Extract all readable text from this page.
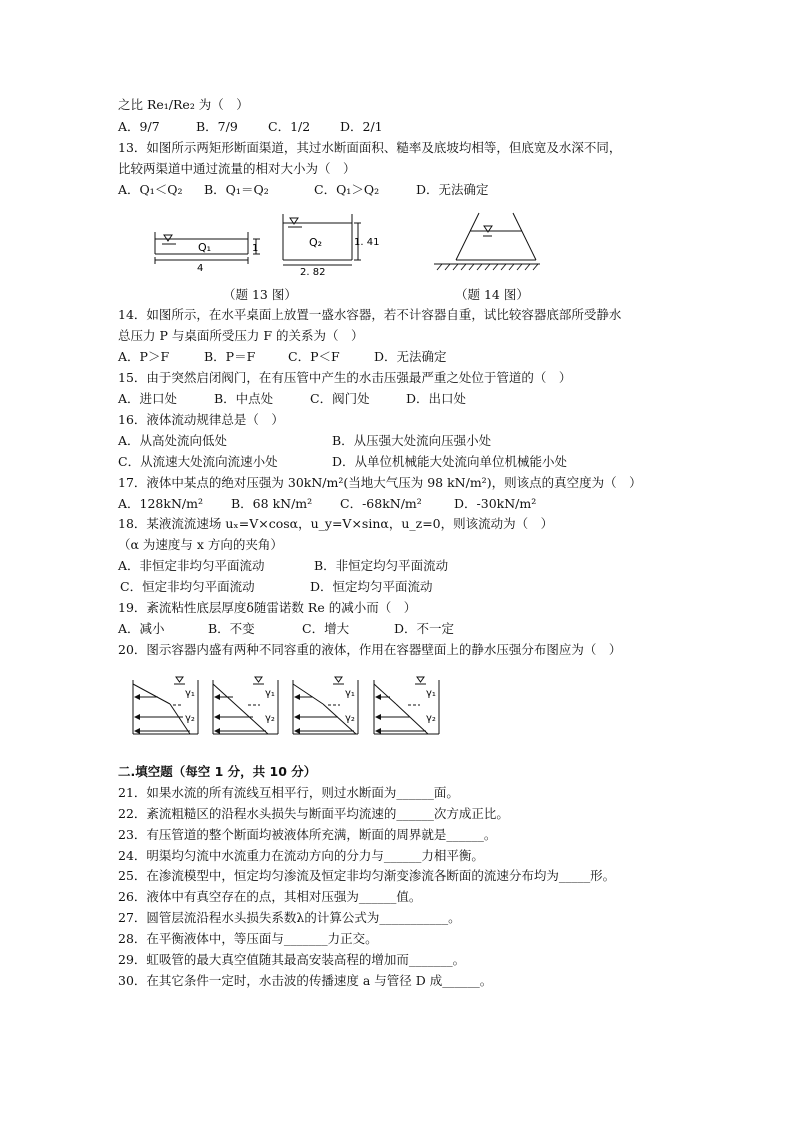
之比 Re₁/Re₂ 为（　）
A．9/7	B．7/9 C．1/2 D．2/1
13．如图所示两矩形断面渠道，其过水断面面积、糙率及底坡均相等，但底宽及水深不同，
比较两渠道中通过流量的相对大小为（　）
A．Q₁＜Q₂ B．Q₁＝Q₂	C．Q₁＞Q₂	D．无法确定
Q₁
4
1	Q₂
2. 82
1. 41
（题 13 图）	（题 14 图）
14．如图所示，在水平桌面上放置一盛水容器，若不计容器自重，试比较容器底部所受静水
总压力 P 与桌面所受压力 F 的关系为（　）
A．P＞F	B．P＝F	C．P＜F	D．无法确定
15．由于突然启闭阀门，在有压管中产生的水击压强最严重之处位于管道的（　）
A．进口处	B．中点处	C．阀门处	D．出口处
16．液体流动规律总是（　）
A．从高处流向低处	B．从压强大处流向压强小处
C．从流速大处流向流速小处	D．从单位机械能大处流向单位机械能小处
17．液体中某点的绝对压强为 30kN/m²(当地大气压为 98 kN/m²)，则该点的真空度为（　）
A．128kN/m² B．68 kN/m² C．-68kN/m²	D．-30kN/m²
18．某液流流速场 uₓ=V×cosα，u_y=V×sinα，u_z=0，则该流动为（　）
（α 为速度与 x 方向的夹角）
A．非恒定非均匀平面流动	B．非恒定均匀平面流动
C．恒定非均匀平面流动	D．恒定均匀平面流动
19．紊流粘性底层厚度δ随雷诺数 Re 的减小而（　）
A．减小	B．不变	C．增大	D．不一定
20．图示容器内盛有两种不同容重的液体，作用在容器壁面上的静水压强分布图应为（　）
γ₁
γ₂
γ₁
γ₂
γ₁
γ₂
γ₁
γ₂
二.填空题（每空 1 分，共 10 分）
21．如果水流的所有流线互相平行，则过水断面为______面。
22．紊流粗糙区的沿程水头损失与断面平均流速的______次方成正比。
23．有压管道的整个断面均被液体所充满，断面的周界就是______。
24．明渠均匀流中水流重力在流动方向的分力与______力相平衡。
25．在渗流模型中，恒定均匀渗流及恒定非均匀渐变渗流各断面的流速分布均为_____形。
26．液体中有真空存在的点，其相对压强为______值。
27．圆管层流沿程水头损失系数λ的计算公式为___________。
28．在平衡液体中，等压面与_______力正交。
29．虹吸管的最大真空值随其最高安装高程的增加而_______。
30．在其它条件一定时，水击波的传播速度 a 与管径 D 成______。
